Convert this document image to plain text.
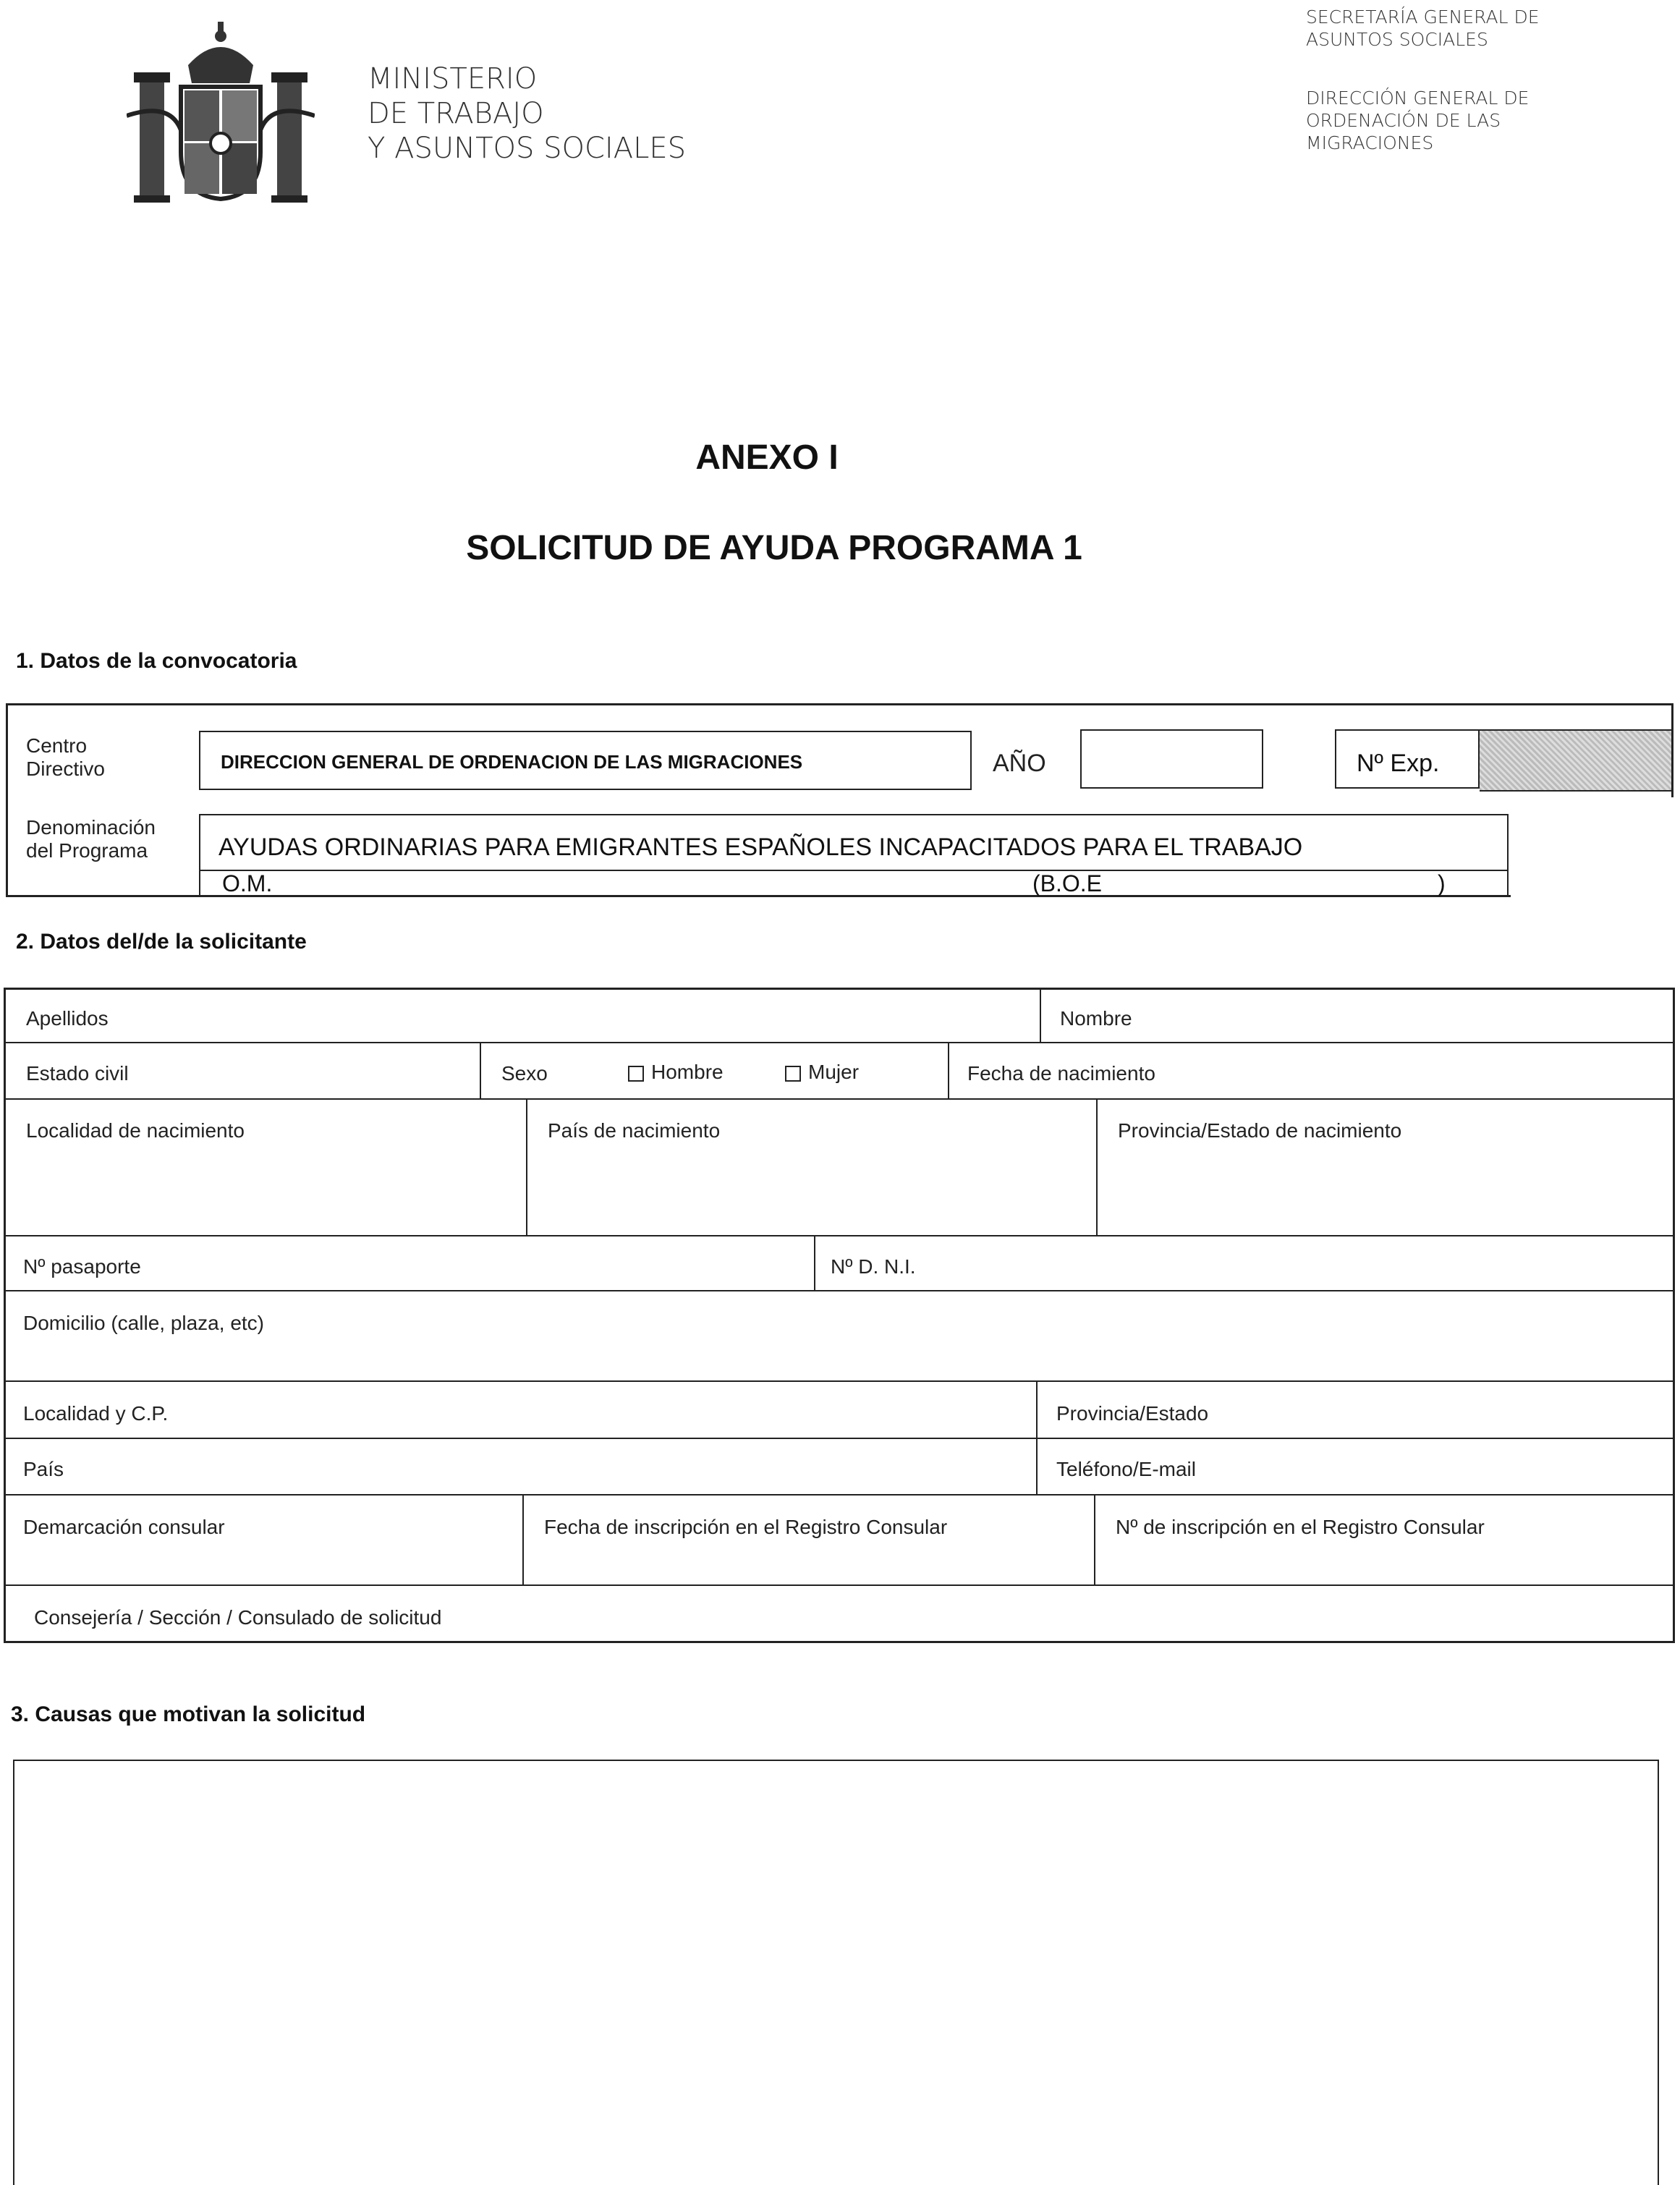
MINISTERIO
DE TRABAJO
Y ASUNTOS SOCIALES
SECRETARÍA GENERAL DE
ASUNTOS SOCIALES
DIRECCIÓN GENERAL DE
ORDENACIÓN DE LAS
MIGRACIONES
ANEXO I
SOLICITUD DE AYUDA PROGRAMA 1
1. Datos de la convocatoria
Centro
Directivo	DIRECCION GENERAL DE ORDENACION DE LAS MIGRACIONES	AÑO	Nº Exp.
Denominación
del Programa	AYUDAS ORDINARIAS PARA EMIGRANTES ESPAÑOLES INCAPACITADOS PARA EL TRABAJO
O.M.	(B.O.E	)
2. Datos del/de la solicitante
Apellidos	Nombre
Estado civil	Sexo	Hombre	Mujer	Fecha de nacimiento
Localidad de nacimiento	País de nacimiento	Provincia/Estado de nacimiento
Nº pasaporte	Nº D. N.I.
Domicilio (calle, plaza, etc)
Localidad y C.P.	Provincia/Estado
País	Teléfono/E-mail
Demarcación consular	Fecha de inscripción en el Registro Consular	Nº de inscripción en el Registro Consular
Consejería / Sección / Consulado de solicitud
3. Causas que motivan la solicitud
